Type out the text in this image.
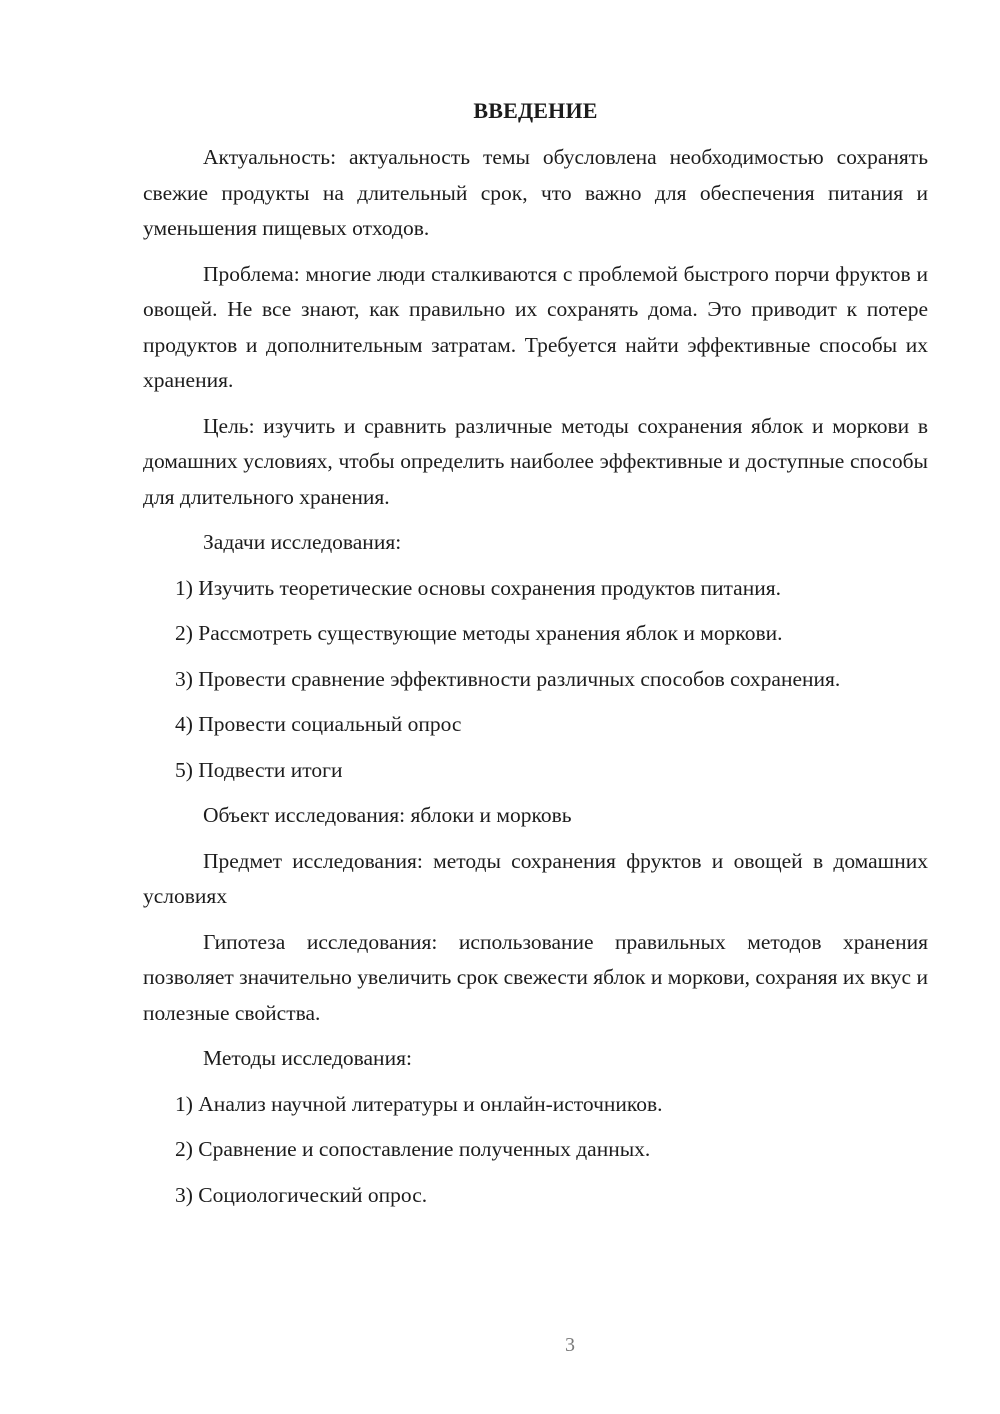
ВВЕДЕНИЕ

Актуальность: актуальность темы обусловлена необходимостью сохранять свежие продукты на длительный срок, что важно для обеспечения питания и уменьшения пищевых отходов.

Проблема: многие люди сталкиваются с проблемой быстрого порчи фруктов и овощей. Не все знают, как правильно их сохранять дома. Это приводит к потере продуктов и дополнительным затратам. Требуется найти эффективные способы их хранения.

Цель: изучить и сравнить различные методы сохранения яблок и моркови в домашних условиях, чтобы определить наиболее эффективные и доступные способы для длительного хранения.

Задачи исследования:

1) Изучить теоретические основы сохранения продуктов питания.

2) Рассмотреть существующие методы хранения яблок и моркови.

3) Провести сравнение эффективности различных способов сохранения.

4) Провести социальный опрос

5) Подвести итоги

Объект исследования: яблоки и морковь

Предмет исследования: методы сохранения фруктов и овощей в домашних условиях

Гипотеза исследования: использование правильных методов хранения позволяет значительно увеличить срок свежести яблок и моркови, сохраняя их вкус и полезные свойства.

Методы исследования:

1) Анализ научной литературы и онлайн-источников.

2) Сравнение и сопоставление полученных данных.

3) Социологический опрос.

3
